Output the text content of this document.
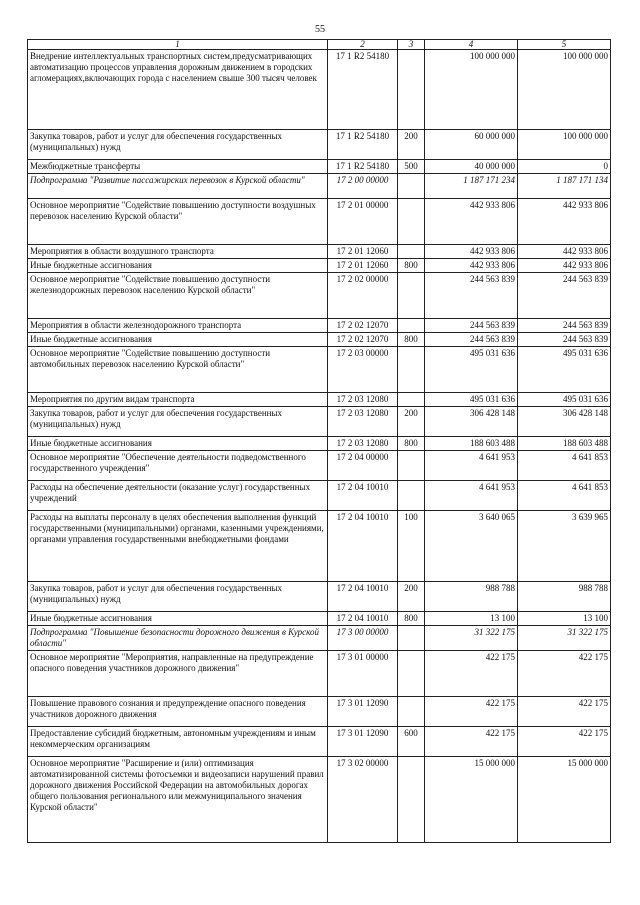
55
1	2	3	4	5
Внедрение интеллектуальных транспортных систем,предусматривающих автоматизацию процессов управления дорожным движением в городских агломерациях,включающих города с населением свыше 300 тысяч человек	17 1 R2 54180		100 000 000	100 000 000
Закупка товаров, работ и услуг для обеспечения государственных (муниципальных) нужд	17 1 R2 54180	200	60 000 000	100 000 000
Межбюджетные трансферты	17 1 R2 54180	500	40 000 000	0
Подпрограмма "Развитие пассажирских перевозок в Курской области"	17 2 00 00000		1 187 171 234	1 187 171 134
Основное мероприятие "Содействие повышению доступности воздушных перевозок населению Курской области"	17 2 01 00000		442 933 806	442 933 806
Мероприятия в области воздушного транспорта	17 2 01 12060		442 933 806	442 933 806
Иные бюджетные ассигнования	17 2 01 12060	800	442 933 806	442 933 806
Основное мероприятие "Содействие повышению доступности железнодорожных перевозок населению Курской области"	17 2 02 00000		244 563 839	244 563 839
Мероприятия в области железнодорожного транспорта	17 2 02 12070		244 563 839	244 563 839
Иные бюджетные ассигнования	17 2 02 12070	800	244 563 839	244 563 839
Основное мероприятие "Содействие повышению доступности автомобильных перевозок населению Курской области"	17 2 03 00000		495 031 636	495 031 636
Мероприятия по другим видам транспорта	17 2 03 12080		495 031 636	495 031 636
Закупка товаров, работ и услуг для обеспечения государственных (муниципальных) нужд	17 2 03 12080	200	306 428 148	306 428 148
Иные бюджетные ассигнования	17 2 03 12080	800	188 603 488	188 603 488
Основное мероприятие "Обеспечение деятельности подведомственного государственного учреждения"	17 2 04 00000		4 641 953	4 641 853
Расходы на обеспечение деятельности (оказание услуг) государственных учреждений	17 2 04 10010		4 641 953	4 641 853
Расходы на выплаты персоналу в целях обеспечения выполнения функций государственными (муниципальными) органами, казенными учреждениями, органами управления государственными внебюджетными фондами	17 2 04 10010	100	3 640 065	3 639 965
Закупка товаров, работ и услуг для обеспечения государственных (муниципальных) нужд	17 2 04 10010	200	988 788	988 788
Иные бюджетные ассигнования	17 2 04 10010	800	13 100	13 100
Подпрограмма "Повышение безопасности дорожного движения в Курской области"	17 3 00 00000		31 322 175	31 322 175
Основное мероприятие "Мероприятия, направленные на предупреждение опасного поведения участников дорожного движения"	17 3 01 00000		422 175	422 175
Повышение правового сознания и предупреждение опасного поведения участников дорожного движения	17 3 01 12090		422 175	422 175
Предоставление субсидий бюджетным, автономным учреждениям и иным некоммерческим организациям	17 3 01 12090	600	422 175	422 175
Основное мероприятие "Расширение и (или) оптимизация автоматизированной системы фотосъемки и видеозаписи нарушений правил дорожного движения Российской Федерации на автомобильных дорогах общего пользования регионального или межмуниципального значения Курской области"	17 3 02 00000		15 000 000	15 000 000
